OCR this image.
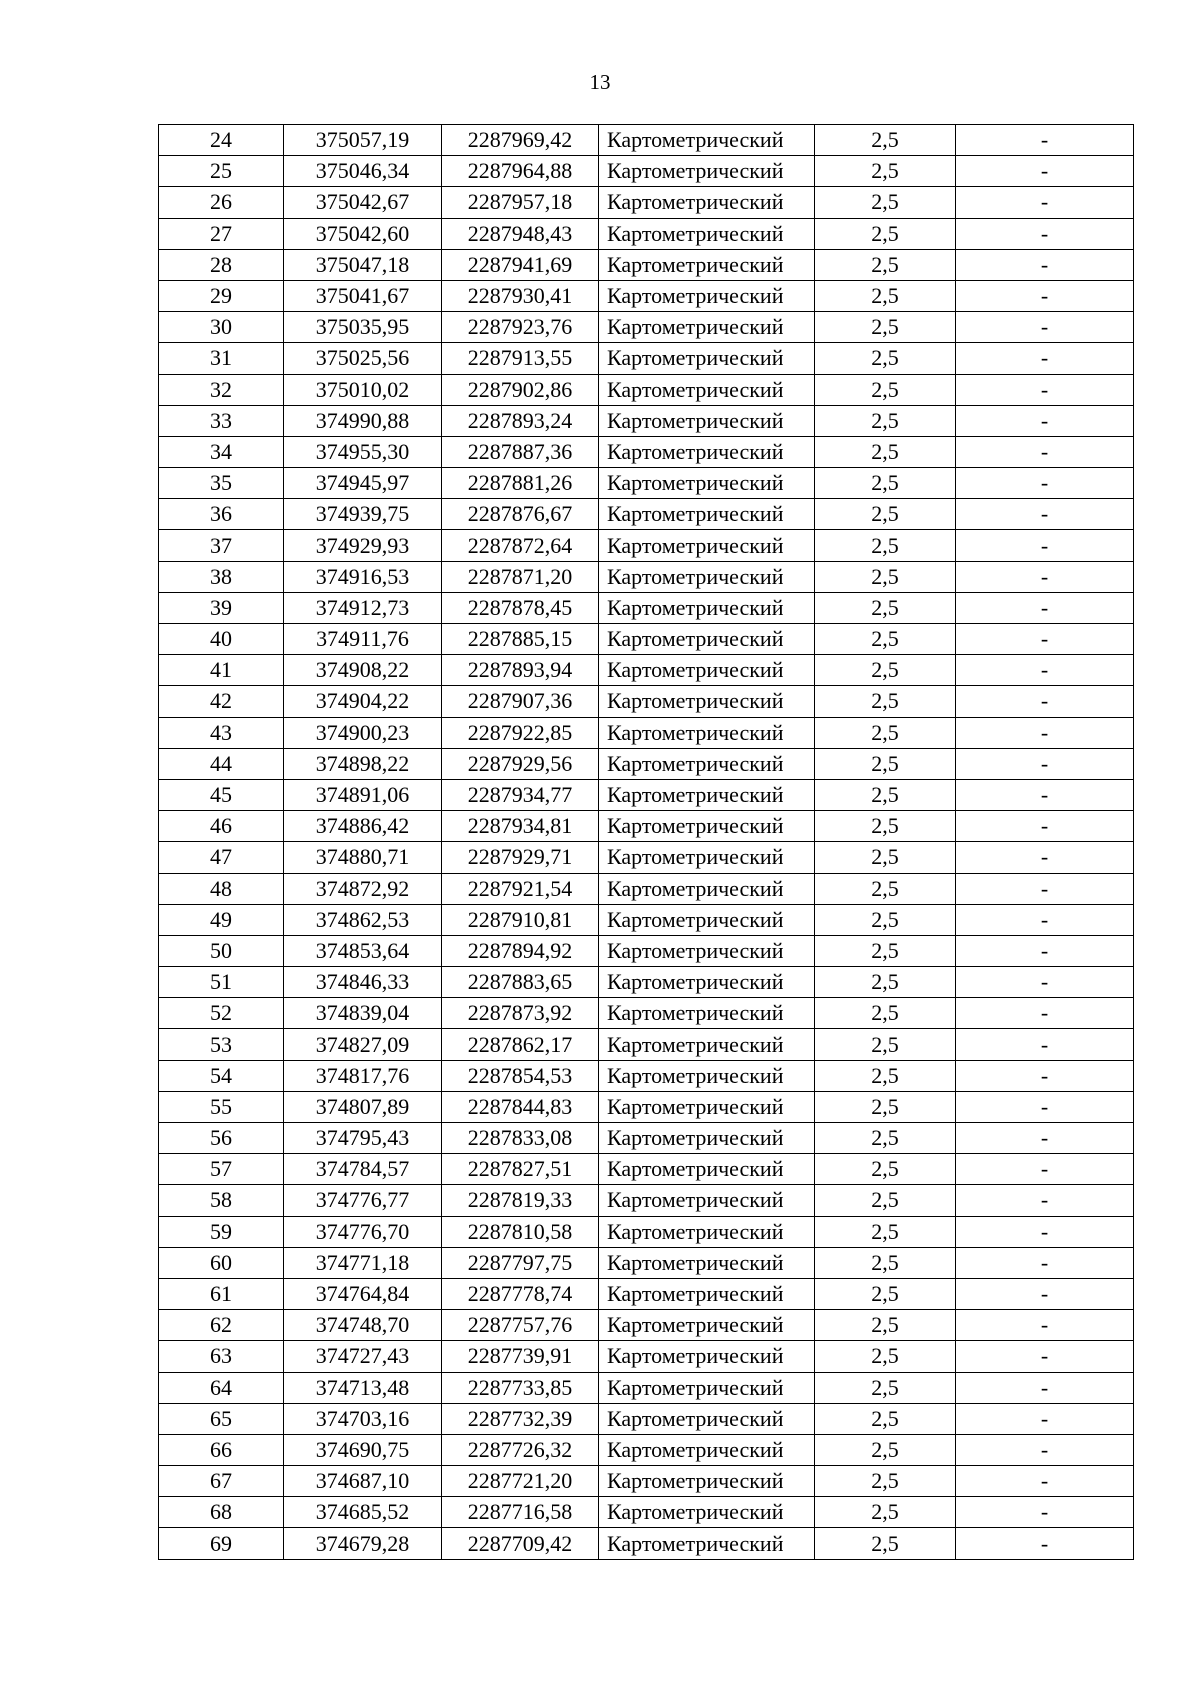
13
24	375057,19	2287969,42	Картометрический	2,5	-
25	375046,34	2287964,88	Картометрический	2,5	-
26	375042,67	2287957,18	Картометрический	2,5	-
27	375042,60	2287948,43	Картометрический	2,5	-
28	375047,18	2287941,69	Картометрический	2,5	-
29	375041,67	2287930,41	Картометрический	2,5	-
30	375035,95	2287923,76	Картометрический	2,5	-
31	375025,56	2287913,55	Картометрический	2,5	-
32	375010,02	2287902,86	Картометрический	2,5	-
33	374990,88	2287893,24	Картометрический	2,5	-
34	374955,30	2287887,36	Картометрический	2,5	-
35	374945,97	2287881,26	Картометрический	2,5	-
36	374939,75	2287876,67	Картометрический	2,5	-
37	374929,93	2287872,64	Картометрический	2,5	-
38	374916,53	2287871,20	Картометрический	2,5	-
39	374912,73	2287878,45	Картометрический	2,5	-
40	374911,76	2287885,15	Картометрический	2,5	-
41	374908,22	2287893,94	Картометрический	2,5	-
42	374904,22	2287907,36	Картометрический	2,5	-
43	374900,23	2287922,85	Картометрический	2,5	-
44	374898,22	2287929,56	Картометрический	2,5	-
45	374891,06	2287934,77	Картометрический	2,5	-
46	374886,42	2287934,81	Картометрический	2,5	-
47	374880,71	2287929,71	Картометрический	2,5	-
48	374872,92	2287921,54	Картометрический	2,5	-
49	374862,53	2287910,81	Картометрический	2,5	-
50	374853,64	2287894,92	Картометрический	2,5	-
51	374846,33	2287883,65	Картометрический	2,5	-
52	374839,04	2287873,92	Картометрический	2,5	-
53	374827,09	2287862,17	Картометрический	2,5	-
54	374817,76	2287854,53	Картометрический	2,5	-
55	374807,89	2287844,83	Картометрический	2,5	-
56	374795,43	2287833,08	Картометрический	2,5	-
57	374784,57	2287827,51	Картометрический	2,5	-
58	374776,77	2287819,33	Картометрический	2,5	-
59	374776,70	2287810,58	Картометрический	2,5	-
60	374771,18	2287797,75	Картометрический	2,5	-
61	374764,84	2287778,74	Картометрический	2,5	-
62	374748,70	2287757,76	Картометрический	2,5	-
63	374727,43	2287739,91	Картометрический	2,5	-
64	374713,48	2287733,85	Картометрический	2,5	-
65	374703,16	2287732,39	Картометрический	2,5	-
66	374690,75	2287726,32	Картометрический	2,5	-
67	374687,10	2287721,20	Картометрический	2,5	-
68	374685,52	2287716,58	Картометрический	2,5	-
69	374679,28	2287709,42	Картометрический	2,5	-
